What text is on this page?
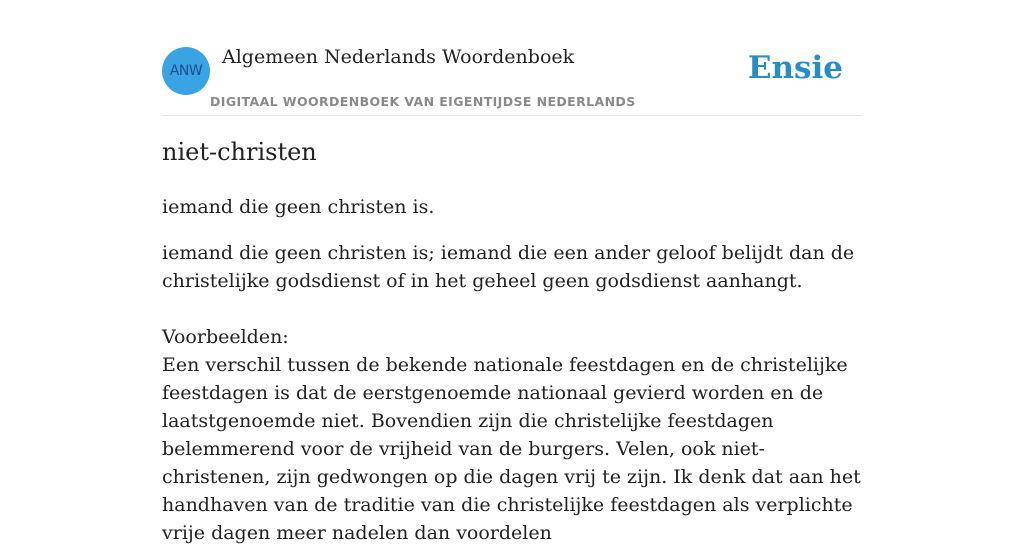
ANW
Algemeen Nederlands Woordenboek
DIGITAAL WOORDENBOEK VAN EIGENTIJDSE NEDERLANDS
Ensie
niet-christen

iemand die geen christen is.

iemand die geen christen is; iemand die een ander geloof belijdt dan de christelijke godsdienst of in het geheel geen godsdienst aanhangt.

Voorbeelden:

Een verschil tussen de bekende nationale feestdagen en de christelijke feestdagen is dat de eerstgenoemde nationaal gevierd worden en de laatstgenoemde niet. Bovendien zijn die christelijke feestdagen belemmerend voor de vrijheid van de burgers. Velen, ook niet-christenen, zijn gedwongen op die dagen vrij te zijn. Ik denk dat aan het handhaven van de traditie van die christelijke feestdagen als verplichte vrije dagen meer nadelen dan voordelen
